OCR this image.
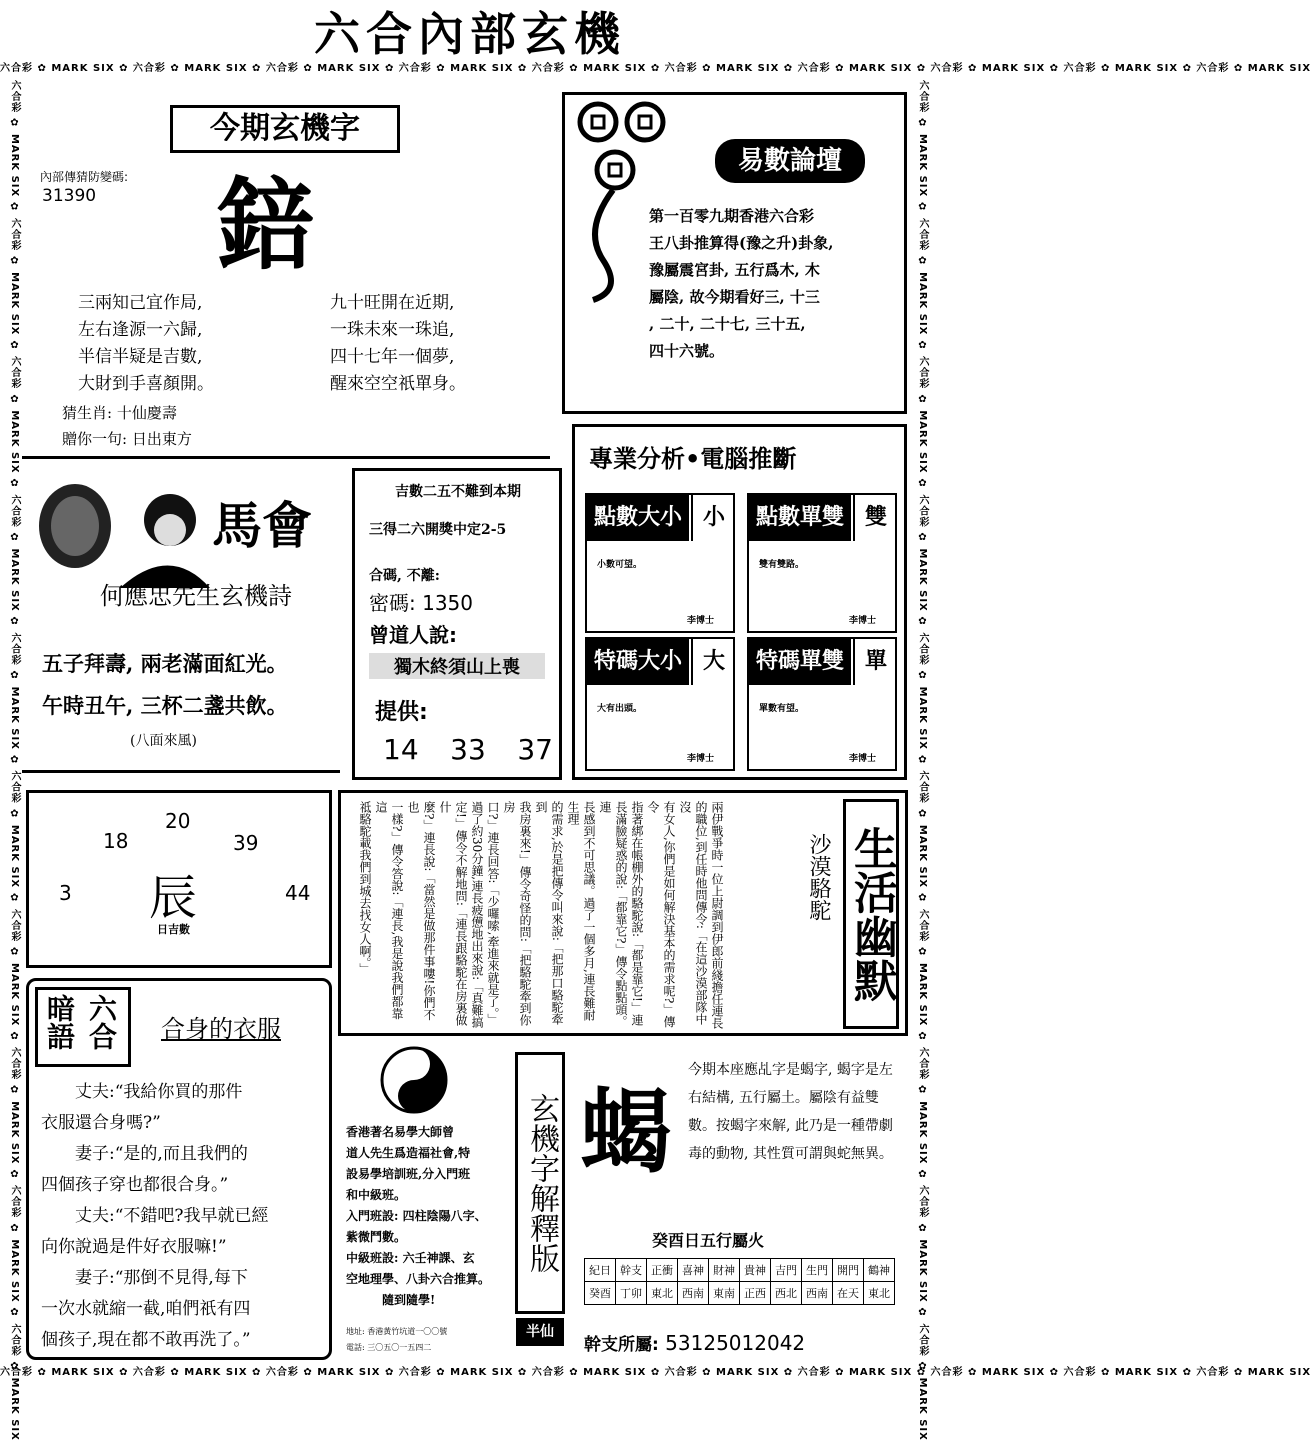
六合內部玄機
六合彩 ✿ MARK SIX ✿ 六合彩 ✿ MARK SIX ✿ 六合彩 ✿ MARK SIX ✿ 六合彩 ✿ MARK SIX ✿ 六合彩 ✿ MARK SIX ✿ 六合彩 ✿ MARK SIX ✿ 六合彩 ✿ MARK SIX ✿ 六合彩 ✿ MARK SIX ✿ 六合彩 ✿ MARK SIX ✿ 六合彩 ✿ MARK SIX
六合彩 ✿ MARK SIX ✿ 六合彩 ✿ MARK SIX ✿ 六合彩 ✿ MARK SIX ✿ 六合彩 ✿ MARK SIX ✿ 六合彩 ✿ MARK SIX ✿ 六合彩 ✿ MARK SIX ✿ 六合彩 ✿ MARK SIX ✿ 六合彩 ✿ MARK SIX ✿ 六合彩 ✿ MARK SIX ✿ 六合彩 ✿ MARK SIX
六合彩 ✿ MARK SIX ✿ 六合彩 ✿ MARK SIX ✿ 六合彩 ✿ MARK SIX ✿ 六合彩 ✿ MARK SIX ✿ 六合彩 ✿ MARK SIX ✿ 六合彩 ✿ MARK SIX ✿ 六合彩 ✿ MARK SIX ✿ 六合彩 ✿ MARK SIX ✿ 六合彩 ✿ MARK SIX ✿ 六合彩 ✿ MARK SIX	六合彩 ✿ MARK SIX ✿ 六合彩 ✿ MARK SIX ✿ 六合彩 ✿ MARK SIX ✿ 六合彩 ✿ MARK SIX ✿ 六合彩 ✿ MARK SIX ✿ 六合彩 ✿ MARK SIX ✿ 六合彩 ✿ MARK SIX ✿ 六合彩 ✿ MARK SIX ✿ 六合彩 ✿ MARK SIX ✿ 六合彩 ✿ MARK SIX
今期玄機字
內部傳猜防變碼:
31390 錇
三兩知己宜作局,
左右逢源一六歸,
半信半疑是吉數,
大財到手喜顏開。
九十旺開在近期,
一珠未來一珠追,
四十七年一個夢,
醒來空空祇單身。
猜生肖: 十仙慶壽
贈你一句: 日出東方
易數論壇
第一百零九期香港六合彩
王八卦推算得(豫之升)卦象,
豫屬震宮卦, 五行爲木, 木
屬陰, 故今期看好三, 十三
, 二十, 二十七, 三十五,
四十六號。
馬會
何應忠先生玄機詩
五子拜壽, 兩老滿面紅光。
午時丑午, 三杯二盞共飲。
(八面來風)
吉數二五不難到本期
三得二六開獎中定2-5
合碼, 不離:
密碼: 1350
曾道人說:
獨木終須山上喪
提供:
14 33 37
專業分析•電腦推斷
點數大小 小
小數可望。
李博士
點數單雙 雙
雙有雙路。
李博士
特碼大小 大
大有出頭。
李博士
特碼單雙 單
單數有望。
李博士
20
18	39
3	44
辰
日吉數	兩伊戰爭時一位上尉調到伊郎前綫擔任連長
的職位,到任時他問傳令:「在這沙漠部隊中沒
有女人,你們是如何解決基本的需求呢?」傳令
指著綁在帳棚外的駱駝說:「都是靠它!」連
長滿臉疑惑的說:「都靠它?」傳令點點頭。連
長感到不可思議。過了一個多月,連長難耐生理
的需求,於是把傳令叫來說:「把那口駱駝牽到
我房裏來!」傳令奇怪的問:「把駱駝牽到你房
口?」連長回答:「少囉嗦,牽進來就是了。」
過了約30分鐘,連長疲憊地出來說:「真難搞
定!」傳令不解地問:「連長跟駱駝在房裏做什
麼?」連長說:「當然是做那件事嘍!你們不也
一樣?」傳令答說:「連長,我是說我們都靠這
祗駱駝載我們到城去找女人啊。」	沙漠駱駝 生活幽默
暗語 六合 合身的衣服
丈夫:“我給你買的那件
衣服還合身嗎?”
妻子:“是的,而且我們的
四個孩子穿也都很合身。”
丈夫:“不錯吧?我早就已經
向你說過是件好衣服嘛!”
妻子:“那倒不見得,每下
一次水就縮一截,咱們祇有四
個孩子,現在都不敢再洗了。”
香港著名易學大師曾
道人先生爲造福社會,特
設易學培訓班,分入門班
和中級班。
入門班設: 四柱陰陽八字、
紫微鬥數。
中級班設: 六壬神課、玄
空地理學、八卦六合推算。
隨到隨學!
地址: 香港黃竹坑道一〇〇號
電話: 三〇五〇一五四二
玄機字解釋版
半仙
蝎
今期本座應乩字是蝎字, 蝎字是左右結構, 五行屬土。屬陰有益雙數。按蝎字來解, 此乃是一種帶劇毒的動物, 其性質可謂與蛇無異。
癸酉日五行屬火
紀日	幹支	正衝	喜神	財神	貴神	吉門	生門	開門	鶴神
癸酉	丁卯	東北	西南	東南	正西	西北	西南	在天	東北
幹支所屬: 53125012042
